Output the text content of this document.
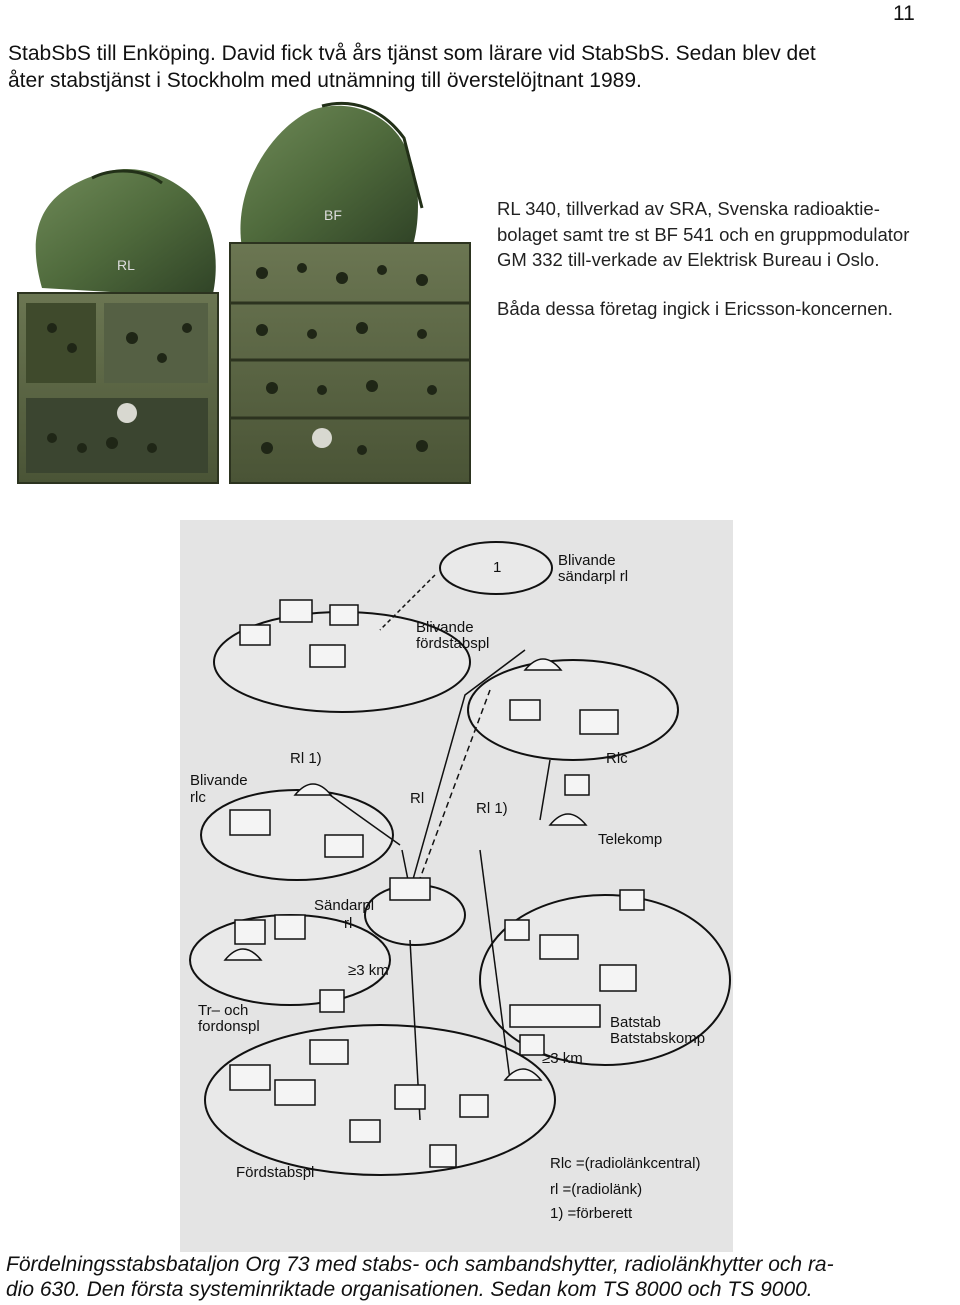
11

StabSbS till Enköping. David fick två års tjänst som lärare vid StabSbS. Sedan blev det
åter stabstjänst i Stockholm med utnämning till överstelöjtnant 1989.

RL
BF	RL 340, tillverkad av SRA, Svenska radioaktie-
bolaget samt tre st BF 541 och en gruppmodulator
GM 332 till-verkade av Elektrisk Bureau i Oslo.

Båda dessa företag ingick i Ericsson-koncernen.

1	Blivande
sändarpl rl
Blivande
fördstabspl
Rl 1)
Blivande
rlc	Rl
Rl 1)
Rlc
Telekomp
Sändarpl
rl
≥3 km
Tr– och
fordonspl	Batstab
Batstabskomp
≥3 km
Fördstabspl
Rlc =(radiolänkcentral)
rl =(radiolänk)
1) =förberett

Fördelningsstabsbataljon Org 73 med stabs- och sambandshytter, radiolänkhytter och ra-
dio 630. Den första systeminriktade organisationen. Sedan kom TS 8000 och TS 9000.
